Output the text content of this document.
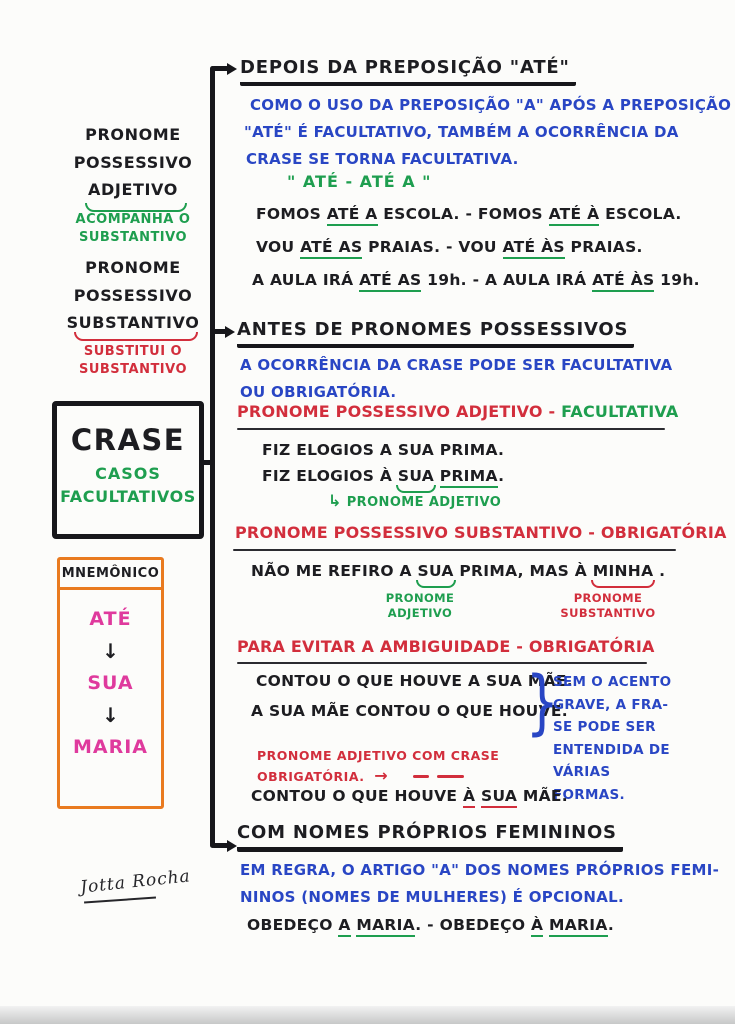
PRONOME
POSSESSIVO
ADJETIVO
ACOMPANHA O
SUBSTANTIVO
PRONOME
POSSESSIVO
SUBSTANTIVO
SUBSTITUI O
SUBSTANTIVO
CRASE
CASOS
FACULTATIVOS
MNEMÔNICO
ATÉ
↓
SUA
↓
MARIA
Jotta Rocha
DEPOIS DA PREPOSIÇÃO "ATÉ"
COMO O USO DA PREPOSIÇÃO "A" APÓS A PREPOSIÇÃO
"ATÉ" É FACULTATIVO, TAMBÉM A OCORRÊNCIA DA
CRASE SE TORNA FACULTATIVA.
" ATÉ - ATÉ A "
FOMOS ATÉ A ESCOLA. - FOMOS ATÉ À ESCOLA.
VOU ATÉ AS PRAIAS. - VOU ATÉ ÀS PRAIAS.
A AULA IRÁ ATÉ AS 19h. - A AULA IRÁ ATÉ ÀS 19h.
ANTES DE PRONOMES POSSESSIVOS
A OCORRÊNCIA DA CRASE PODE SER FACULTATIVA
OU OBRIGATÓRIA.
PRONOME POSSESSIVO ADJETIVO - FACULTATIVA
FIZ ELOGIOS A SUA PRIMA.
FIZ ELOGIOS À SUA PRIMA.
↳ PRONOME ADJETIVO
PRONOME POSSESSIVO SUBSTANTIVO - OBRIGATÓRIA
NÃO ME REFIRO A SUA PRIMA, MAS À MINHA .
PRONOME
ADJETIVO
PRONOME
SUBSTANTIVO
PARA EVITAR A AMBIGUIDADE - OBRIGATÓRIA
CONTOU O QUE HOUVE A SUA MÃE.
A SUA MÃE CONTOU O QUE HOUVE.
}
SEM O ACENTO
GRAVE, A FRA-
SE PODE SER
ENTENDIDA DE
VÁRIAS FORMAS.
PRONOME ADJETIVO COM CRASE
OBRIGATÓRIA. →
CONTOU O QUE HOUVE À SUA MÃE.
COM NOMES PRÓPRIOS FEMININOS
EM REGRA, O ARTIGO "A" DOS NOMES PRÓPRIOS FEMI-
NINOS (NOMES DE MULHERES) É OPCIONAL.
OBEDEÇO A MARIA. - OBEDEÇO À MARIA.
